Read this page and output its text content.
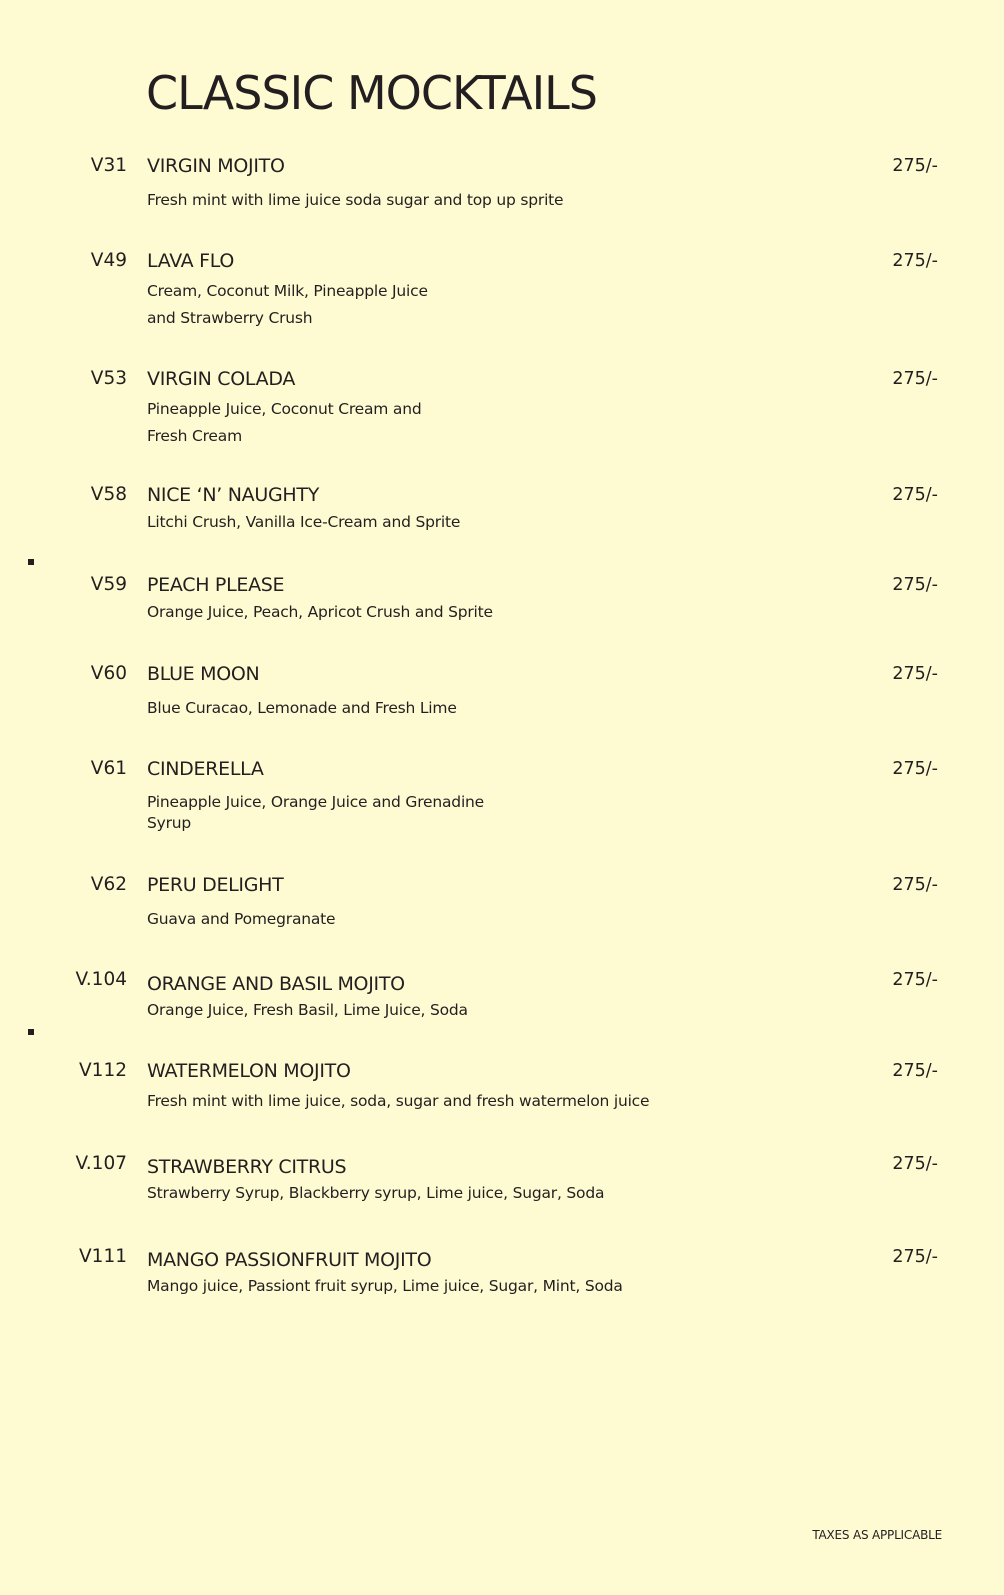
CLASSIC MOCKTAILS
V31 VIRGIN MOJITO	275/-
Fresh mint with lime juice soda sugar and top up sprite
V49 LAVA FLO	275/-
Cream, Coconut Milk, Pineapple Juice
and Strawberry Crush
V53 VIRGIN COLADA	275/-
Pineapple Juice, Coconut Cream and
Fresh Cream
V58 NICE ‘N’ NAUGHTY	275/-
Litchi Crush, Vanilla Ice-Cream and Sprite
V59 PEACH PLEASE	275/-
Orange Juice, Peach, Apricot Crush and Sprite
V60 BLUE MOON	275/-
Blue Curacao, Lemonade and Fresh Lime
V61 CINDERELLA	275/-
Pineapple Juice, Orange Juice and Grenadine
Syrup
V62 PERU DELIGHT	275/-
Guava and Pomegranate
V.104 ORANGE AND BASIL MOJITO	275/-
Orange Juice, Fresh Basil, Lime Juice, Soda
V112 WATERMELON MOJITO	275/-
Fresh mint with lime juice, soda, sugar and fresh watermelon juice
V.107 STRAWBERRY CITRUS	275/-
Strawberry Syrup, Blackberry syrup, Lime juice, Sugar, Soda
V111 MANGO PASSIONFRUIT MOJITO	275/-
Mango juice, Passiont fruit syrup, Lime juice, Sugar, Mint, Soda
TAXES AS APPLICABLE
